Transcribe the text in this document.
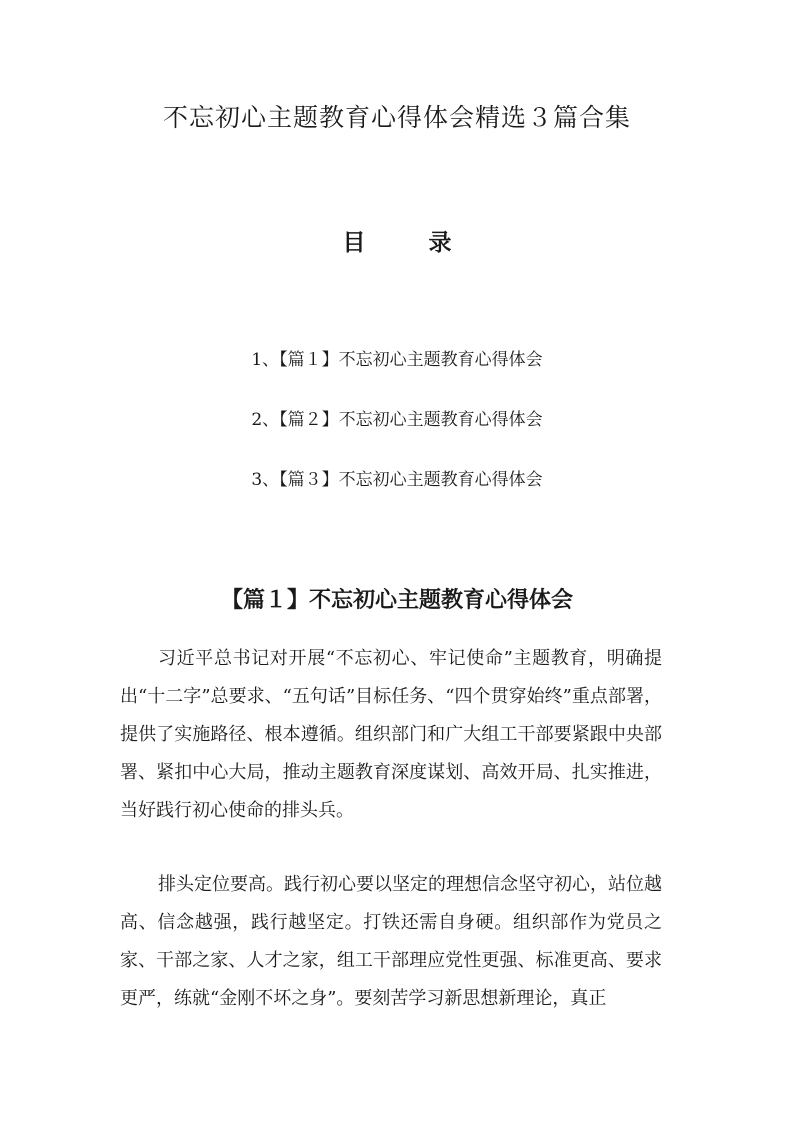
不忘初心主题教育心得体会精选３篇合集
目　录
1、【篇１】不忘初心主题教育心得体会
2、【篇２】不忘初心主题教育心得体会
3、【篇３】不忘初心主题教育心得体会
【篇１】不忘初心主题教育心得体会

习近平总书记对开展“不忘初心、牢记使命”主题教育，明确提出“十二字”总要求、“五句话”目标任务、“四个贯穿始终”重点部署，提供了实施路径、根本遵循。组织部门和广大组工干部要紧跟中央部署、紧扣中心大局，推动主题教育深度谋划、高效开局、扎实推进，当好践行初心使命的排头兵。

排头定位要高。践行初心要以坚定的理想信念坚守初心，站位越高、信念越强，践行越坚定。打铁还需自身硬。组织部作为党员之家、干部之家、人才之家，组工干部理应党性更强、标准更高、要求更严，练就“金刚不坏之身”。要刻苦学习新思想新理论，真正
